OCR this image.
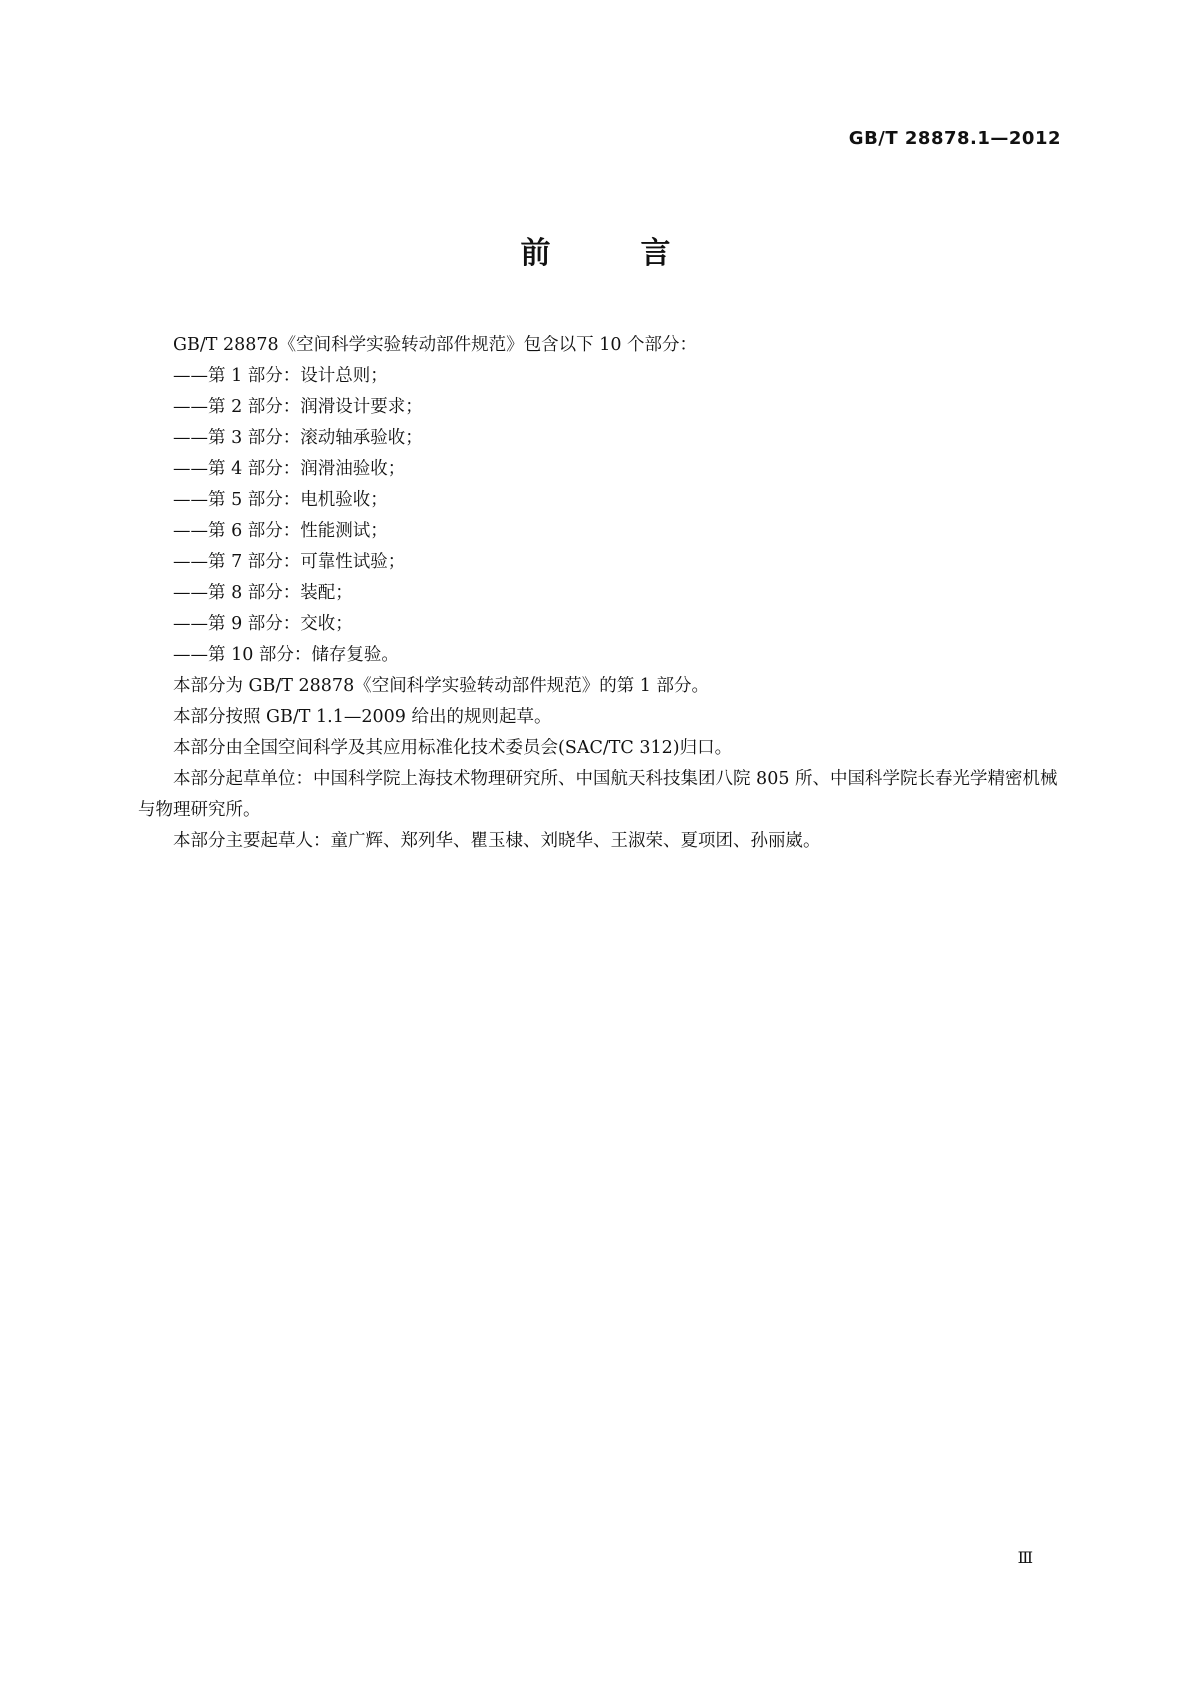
GB/T 28878.1—2012
前　言

GB/T 28878《空间科学实验转动部件规范》包含以下 10 个部分：

——第 1 部分：设计总则；
——第 2 部分：润滑设计要求；
——第 3 部分：滚动轴承验收；
——第 4 部分：润滑油验收；
——第 5 部分：电机验收；
——第 6 部分：性能测试；
——第 7 部分：可靠性试验；
——第 8 部分：装配；
——第 9 部分：交收；
——第 10 部分：储存复验。

本部分为 GB/T 28878《空间科学实验转动部件规范》的第 1 部分。

本部分按照 GB/T 1.1—2009 给出的规则起草。

本部分由全国空间科学及其应用标准化技术委员会(SAC/TC 312)归口。

本部分起草单位：中国科学院上海技术物理研究所、中国航天科技集团八院 805 所、中国科学院长春光学精密机械与物理研究所。

本部分主要起草人：童广辉、郑列华、瞿玉棣、刘晓华、王淑荣、夏项团、孙丽崴。

Ⅲ
